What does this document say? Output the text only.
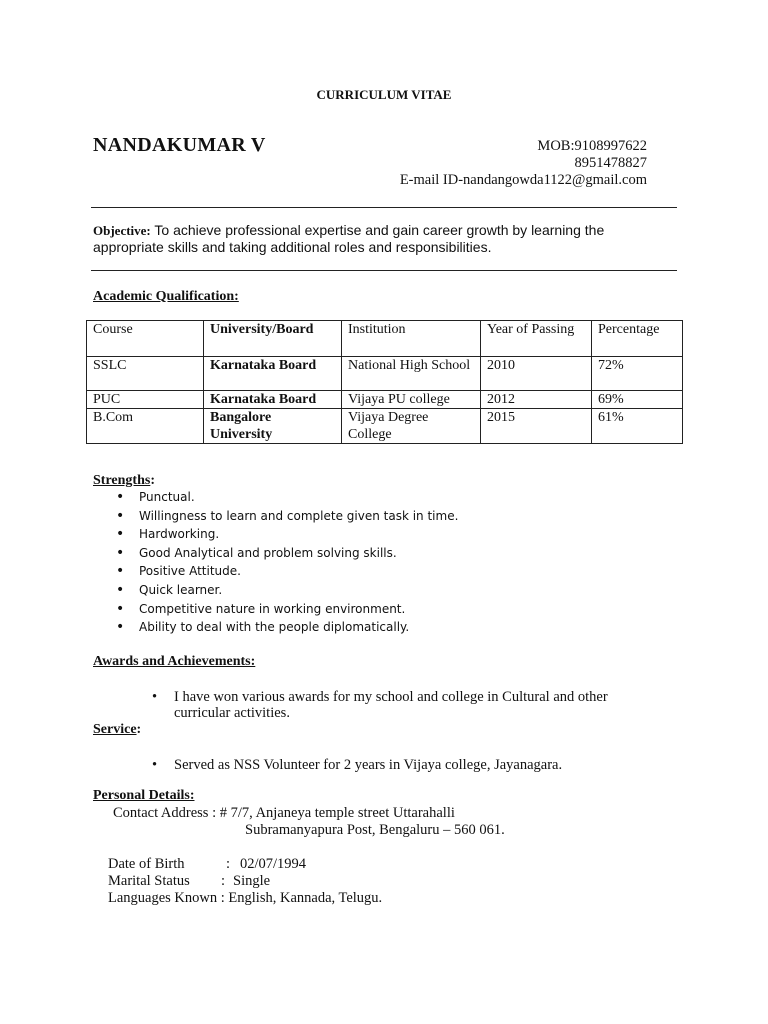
CURRICULUM VITAE
NANDAKUMAR V	MOB:9108997622
8951478827
E-mail ID-nandangowda1122@gmail.com
Objective: To achieve professional expertise and gain career growth by learning the appropriate skills and taking additional roles and responsibilities.
Academic Qualification:
Course	University/Board	Institution	Year of Passing	Percentage
SSLC	Karnataka Board	National High School	2010	72%
PUC	Karnataka Board	Vijaya PU college	2012	69%
B.Com	Bangalore University	Vijaya Degree College	2015	61%
Strengths:
• Punctual.
• Willingness to learn and complete given task in time.
• Hardworking.
• Good Analytical and problem solving skills.
• Positive Attitude.
• Quick learner.
• Competitive nature in working environment.
• Ability to deal with the people diplomatically.
Awards and Achievements:
• I have won various awards for my school and college in Cultural and other curricular activities.
Service:
• Served as NSS Volunteer for 2 years in Vijaya college, Jayanagara.
Personal Details:
Contact Address : # 7/7, Anjaneya temple street Uttarahalli
Subramanyapura Post, Bengaluru – 560 061.
Date of Birth	: 02/07/1994
Marital Status : Single
Languages Known : English, Kannada, Telugu.
